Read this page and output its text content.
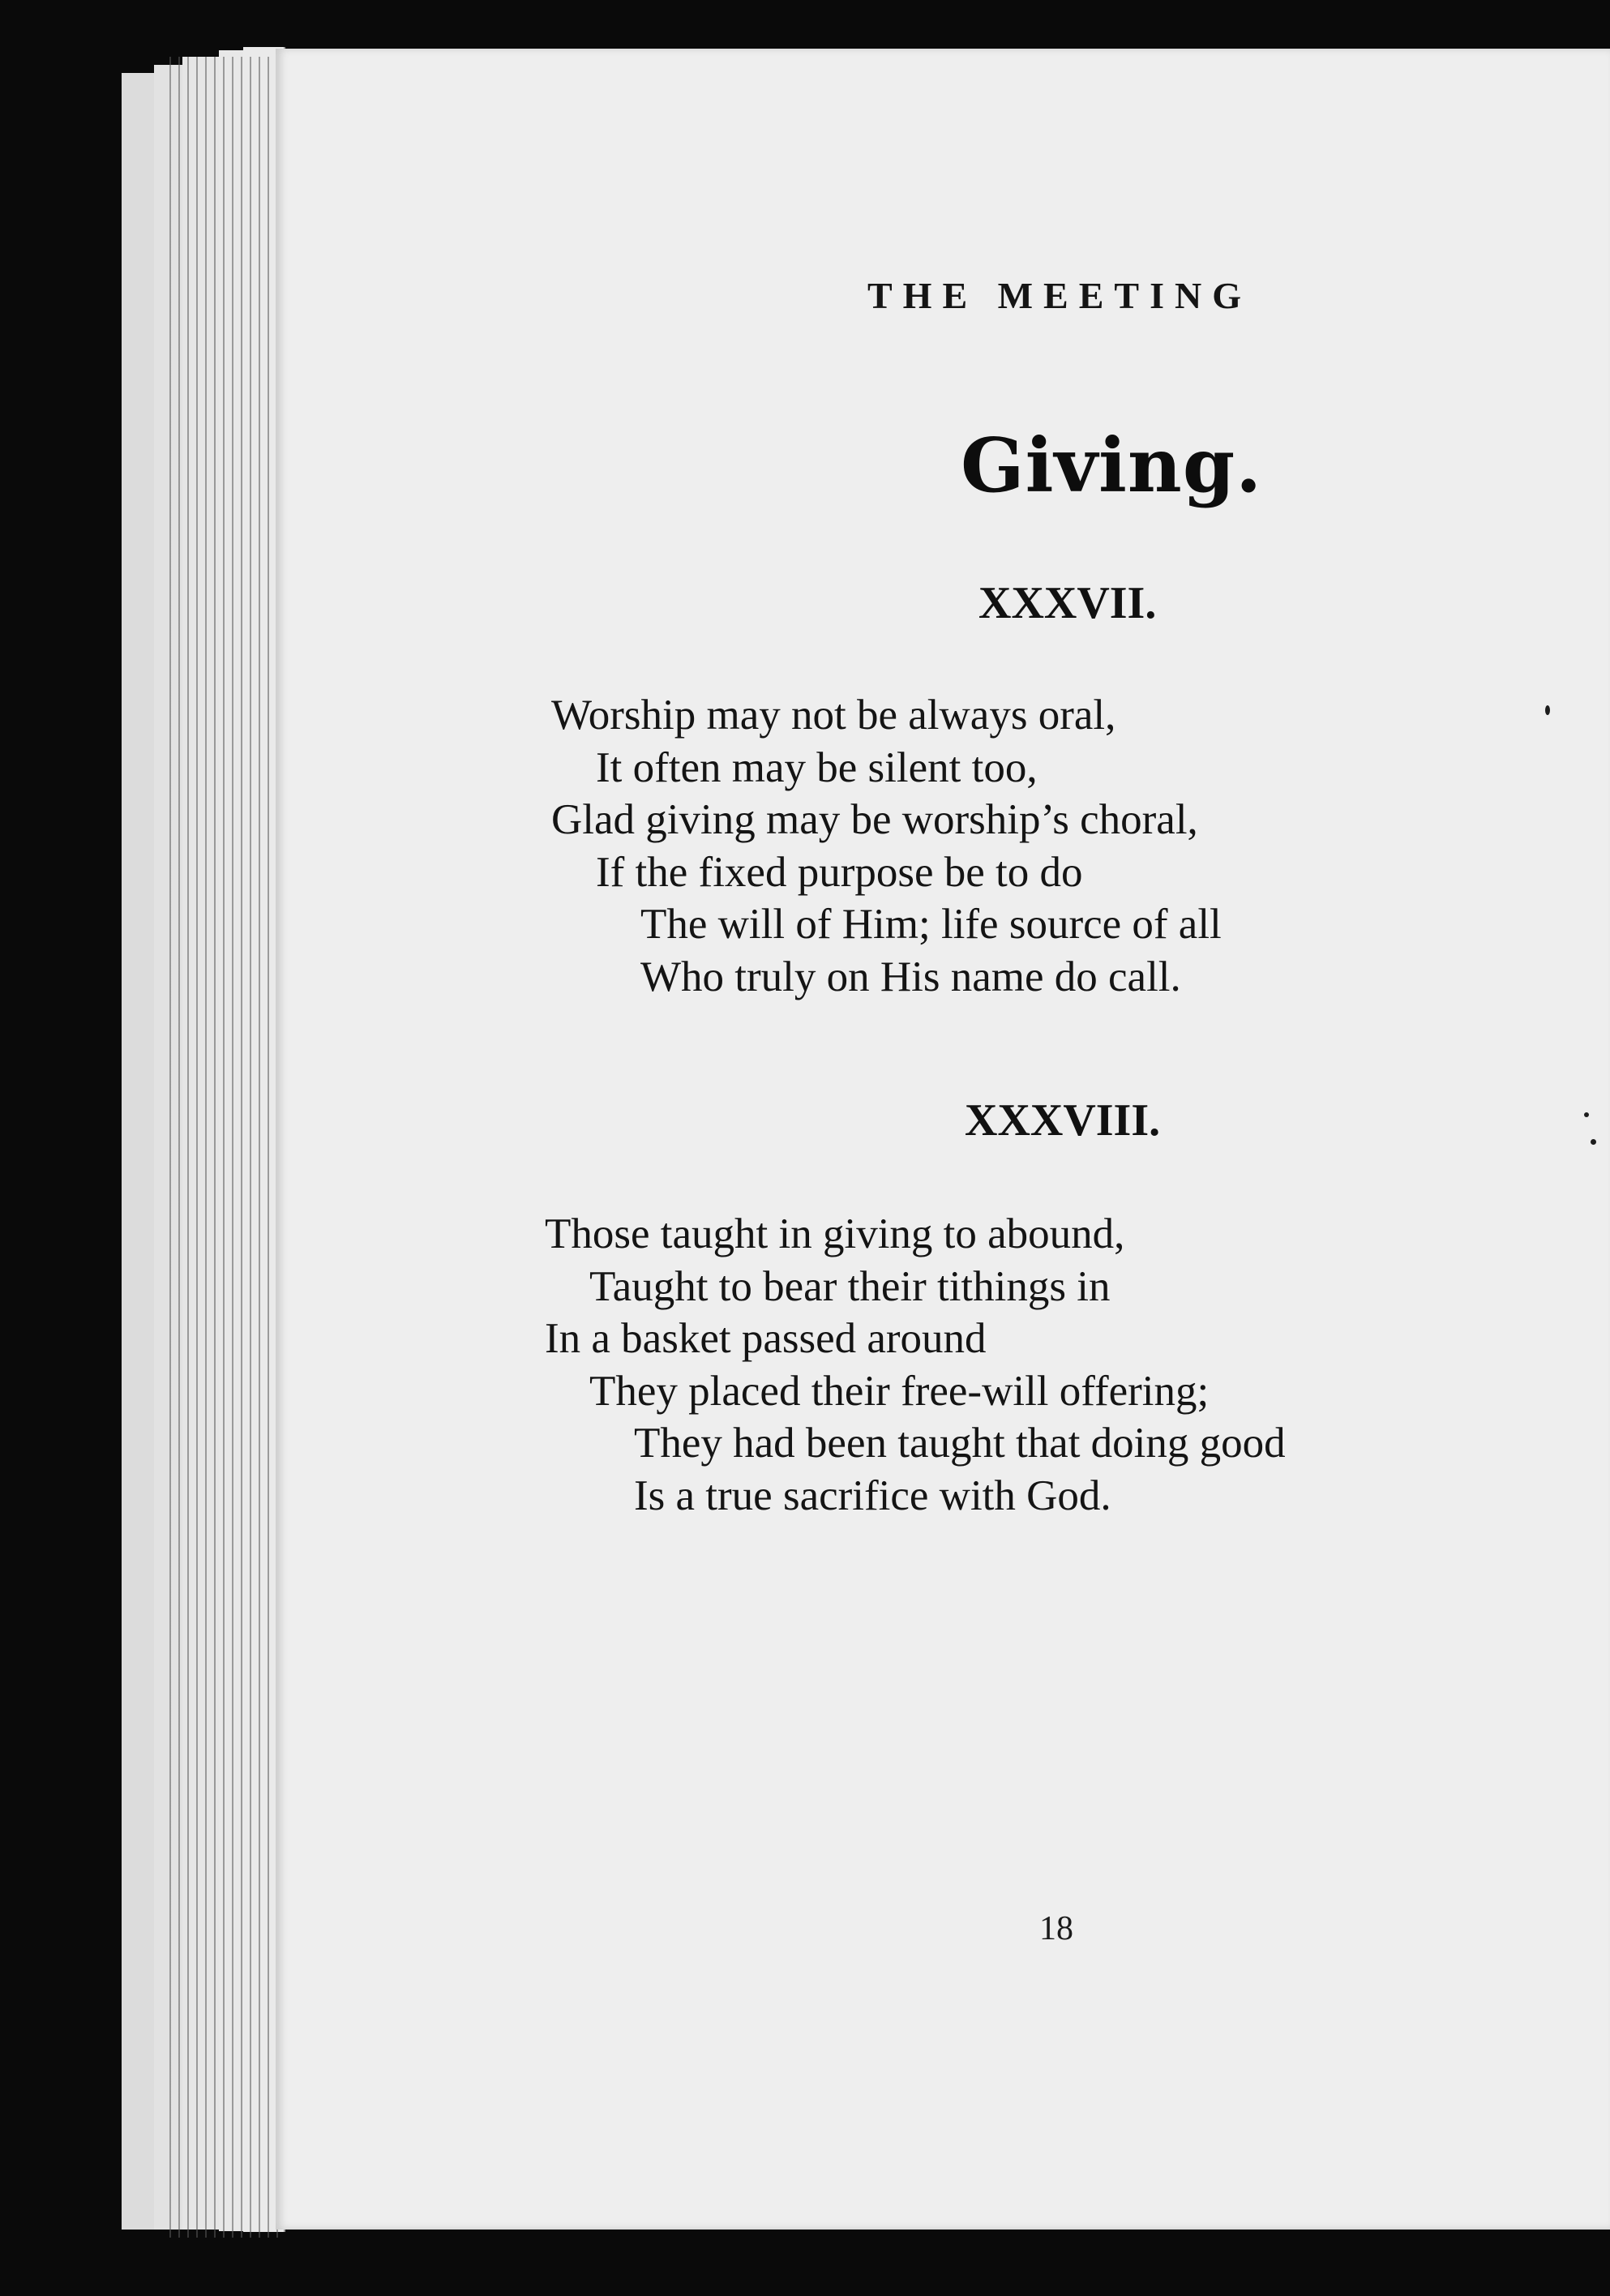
THE MEETING
Giving.
XXXVII.
Worship may not be always oral,
It often may be silent too,
Glad giving may be worship’s choral,
If the fixed purpose be to do
The will of Him; life source of all
Who truly on His name do call.
XXXVIII.
Those taught in giving to abound,
Taught to bear their tithings in
In a basket passed around
They placed their free-will offering;
They had been taught that doing good
Is a true sacrifice with God.
18
